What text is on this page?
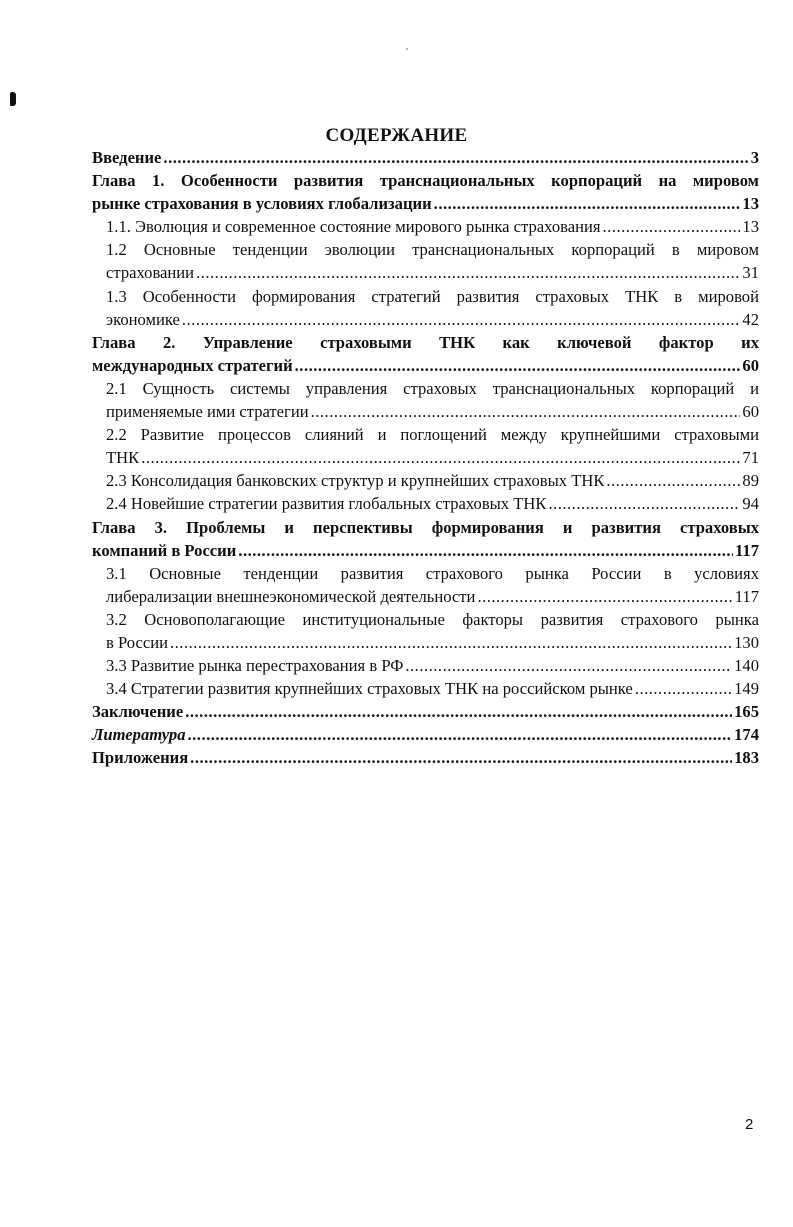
СОДЕРЖАНИЕ
Введение .....	3
Глава 1. Особенности развития транснациональных корпораций на мировом
рынке страхования в условиях глобализации .....	13
1.1. Эволюция и современное состояние мирового рынка страхования .....	13
1.2 Основные тенденции эволюции транснациональных корпораций в мировом
страховании .....	31
1.3 Особенности формирования стратегий развития страховых ТНК в мировой
экономике .....	42
Глава 2. Управление страховыми ТНК как ключевой фактор их
международных стратегий .....	60
2.1 Сущность системы управления страховых транснациональных корпораций и
применяемые ими стратегии .....	60
2.2 Развитие процессов слияний и поглощений между крупнейшими страховыми
ТНК .....	71
2.3 Консолидация банковских структур и крупнейших страховых ТНК .....	89
2.4 Новейшие стратегии развития глобальных страховых ТНК .....	94
Глава 3. Проблемы и перспективы формирования и развития страховых
компаний в России .....	117
3.1 Основные тенденции развития страхового рынка России в условиях
либерализации внешнеэкономической деятельности .....	117
3.2 Основополагающие институциональные факторы развития страхового рынка
в России .....	130
3.3 Развитие рынка перестрахования в РФ .....	140
3.4 Стратегии развития крупнейших страховых ТНК на российском рынке .....	149
Заключение .....	165
Литература .....	174
Приложения .....	183
2
